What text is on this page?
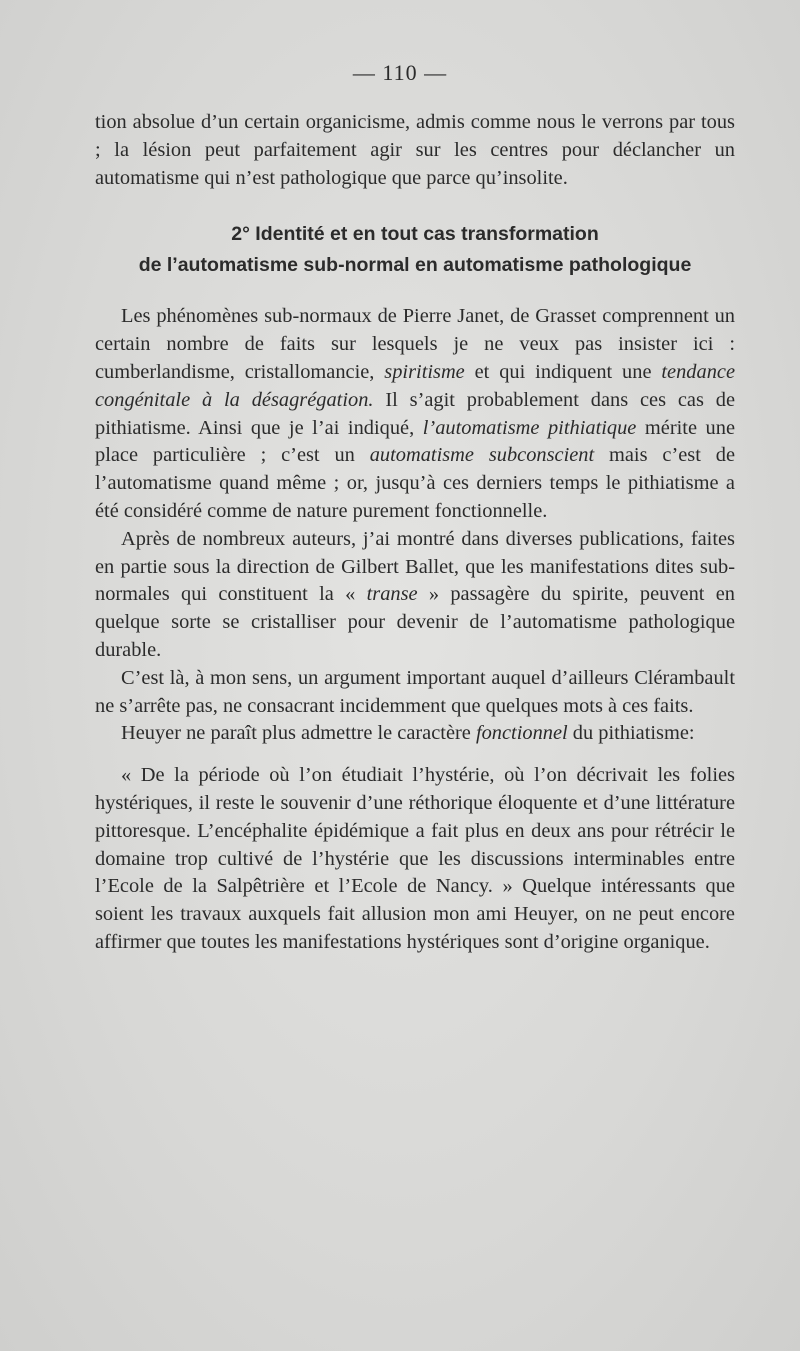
— 110 —

tion absolue d’un certain organicisme, admis comme nous le verrons par tous ; la lésion peut parfaitement agir sur les centres pour déclancher un automatisme qui n’est pathologique que parce qu’insolite.

2° Identité et en tout cas transformation
de l’automatisme sub-normal en automatisme pathologique

Les phénomènes sub-normaux de Pierre Janet, de Grasset comprennent un certain nombre de faits sur lesquels je ne veux pas insister ici : cumberlandisme, cristallomancie, spiritisme et qui indiquent une tendance congénitale à la désagrégation. Il s’agit probablement dans ces cas de pithiatisme. Ainsi que je l’ai indiqué, l’automatisme pithiatique mérite une place particulière ; c’est un automatisme subconscient mais c’est de l’automatisme quand même ; or, jusqu’à ces derniers temps le pithiatisme a été considéré comme de nature purement fonctionnelle.

Après de nombreux auteurs, j’ai montré dans diverses publications, faites en partie sous la direction de Gilbert Ballet, que les manifestations dites sub-normales qui constituent la « transe » passagère du spirite, peuvent en quelque sorte se cristalliser pour devenir de l’automatisme pathologique durable.

C’est là, à mon sens, un argument important auquel d’ailleurs Clérambault ne s’arrête pas, ne consacrant incidemment que quelques mots à ces faits.

Heuyer ne paraît plus admettre le caractère fonctionnel du pithiatisme:

« De la période où l’on étudiait l’hystérie, où l’on décrivait les folies hystériques, il reste le souvenir d’une réthorique éloquente et d’une littérature pittoresque. L’encéphalite épidémique a fait plus en deux ans pour rétrécir le domaine trop cultivé de l’hystérie que les discussions interminables entre l’Ecole de la Salpêtrière et l’Ecole de Nancy. » Quelque intéressants que soient les travaux auxquels fait allusion mon ami Heuyer, on ne peut encore affirmer que toutes les manifestations hystériques sont d’origine organique.
